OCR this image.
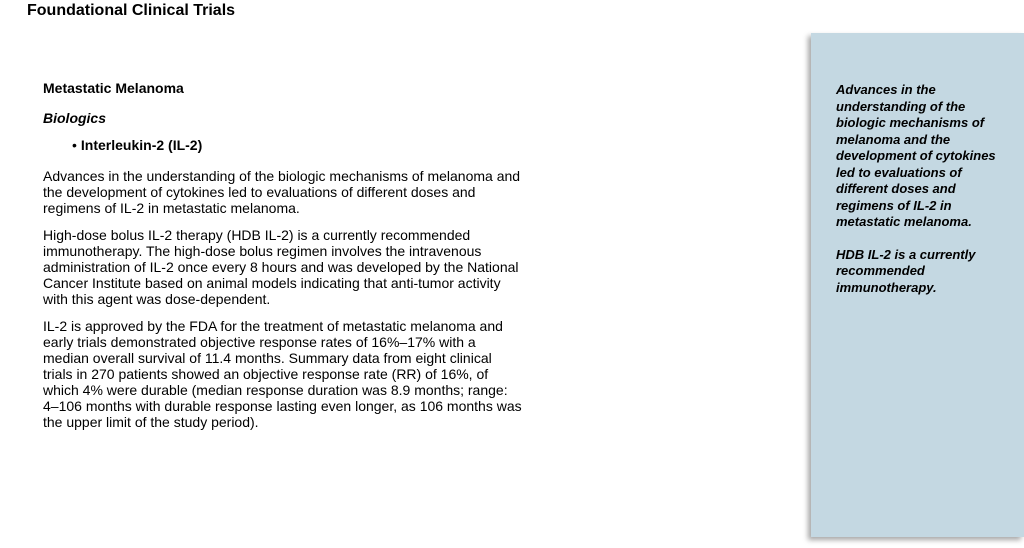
Foundational Clinical Trials
Metastatic Melanoma
Biologics
• Interleukin-2 (IL-2)

Advances in the understanding of the biologic mechanisms of melanoma and the development of cytokines led to evaluations of different doses and regimens of IL-2 in metastatic melanoma.

High-dose bolus IL-2 therapy (HDB IL-2) is a currently recommended immunotherapy. The high-dose bolus regimen involves the intravenous administration of IL-2 once every 8 hours and was developed by the National Cancer Institute based on animal models indicating that anti-tumor activity with this agent was dose-dependent.

IL-2 is approved by the FDA for the treatment of metastatic melanoma and early trials demonstrated objective response rates of 16%–17% with a median overall survival of 11.4 months. Summary data from eight clinical trials in 270 patients showed an objective response rate (RR) of 16%, of which 4% were durable (median response duration was 8.9 months; range: 4–106 months with durable response lasting even longer, as 106 months was the upper limit of the study period).

Advances in the understanding of the biologic mechanisms of melanoma and the development of cytokines led to evaluations of different doses and regimens of IL-2 in metastatic melanoma.

HDB IL-2 is a currently recommended immunotherapy.
